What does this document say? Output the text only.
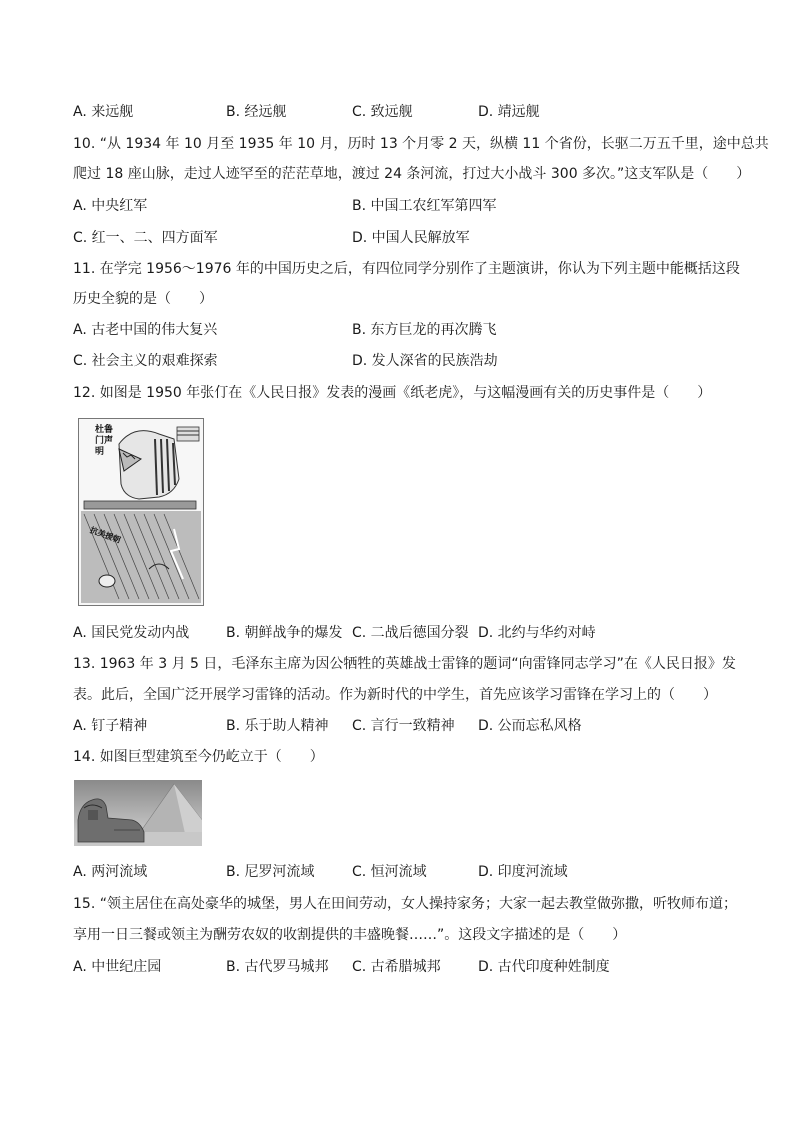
A. 来远舰	B. 经远舰	C. 致远舰	D. 靖远舰
10. “从 1934 年 10 月至 1935 年 10 月，历时 13 个月零 2 天，纵横 11 个省份，长驱二万五千里，途中总共
爬过 18 座山脉，走过人迹罕至的茫茫草地，渡过 24 条河流，打过大小战斗 300 多次。”这支军队是（　　）
A. 中央红军	B. 中国工农红军第四军
C. 红一、二、四方面军	D. 中国人民解放军
11. 在学完 1956～1976 年的中国历史之后，有四位同学分别作了主题演讲，你认为下列主题中能概括这段
历史全貌的是（　　）
A. 古老中国的伟大复兴	B. 东方巨龙的再次腾飞
C. 社会主义的艰难探索	D. 发人深省的民族浩劫
12. 如图是 1950 年张仃在《人民日报》发表的漫画《纸老虎》，与这幅漫画有关的历史事件是（　　）
杜鲁门声明
抗美援朝
A. 国民党发动内战	B. 朝鲜战争的爆发 C. 二战后德国分裂 D. 北约与华约对峙
13. 1963 年 3 月 5 日，毛泽东主席为因公牺牲的英雄战士雷锋的题词“向雷锋同志学习”在《人民日报》发
表。此后，全国广泛开展学习雷锋的活动。作为新时代的中学生，首先应该学习雷锋在学习上的（　　）
A. 钉子精神	B. 乐于助人精神 C. 言行一致精神 D. 公而忘私风格
14. 如图巨型建筑至今仍屹立于（　　）
A. 两河流域	B. 尼罗河流域	C. 恒河流域	D. 印度河流域
15. “领主居住在高处豪华的城堡，男人在田间劳动，女人操持家务；大家一起去教堂做弥撒，听牧师布道；
享用一日三餐或领主为酬劳农奴的收割提供的丰盛晚餐……”。这段文字描述的是（　　）
A. 中世纪庄园	B. 古代罗马城邦 C. 古希腊城邦	D. 古代印度种姓制度
